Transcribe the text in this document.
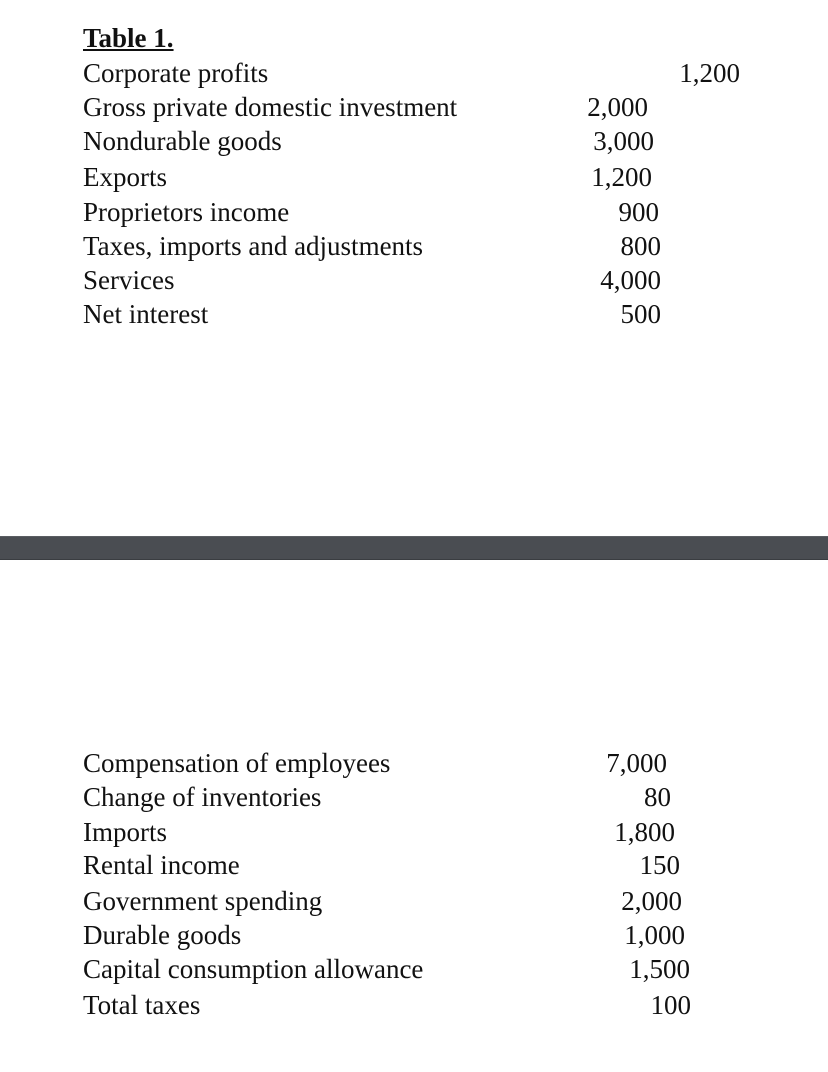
Table 1.
Corporate profits	1,200
Gross private domestic investment	2,000
Nondurable goods	3,000
Exports	1,200
Proprietors income	900
Taxes, imports and adjustments	800
Services	4,000
Net interest	500
Compensation of employees	7,000
Change of inventories	80
Imports	1,800
Rental income	150
Government spending	2,000
Durable goods	1,000
Capital consumption allowance	1,500
Total taxes	100
